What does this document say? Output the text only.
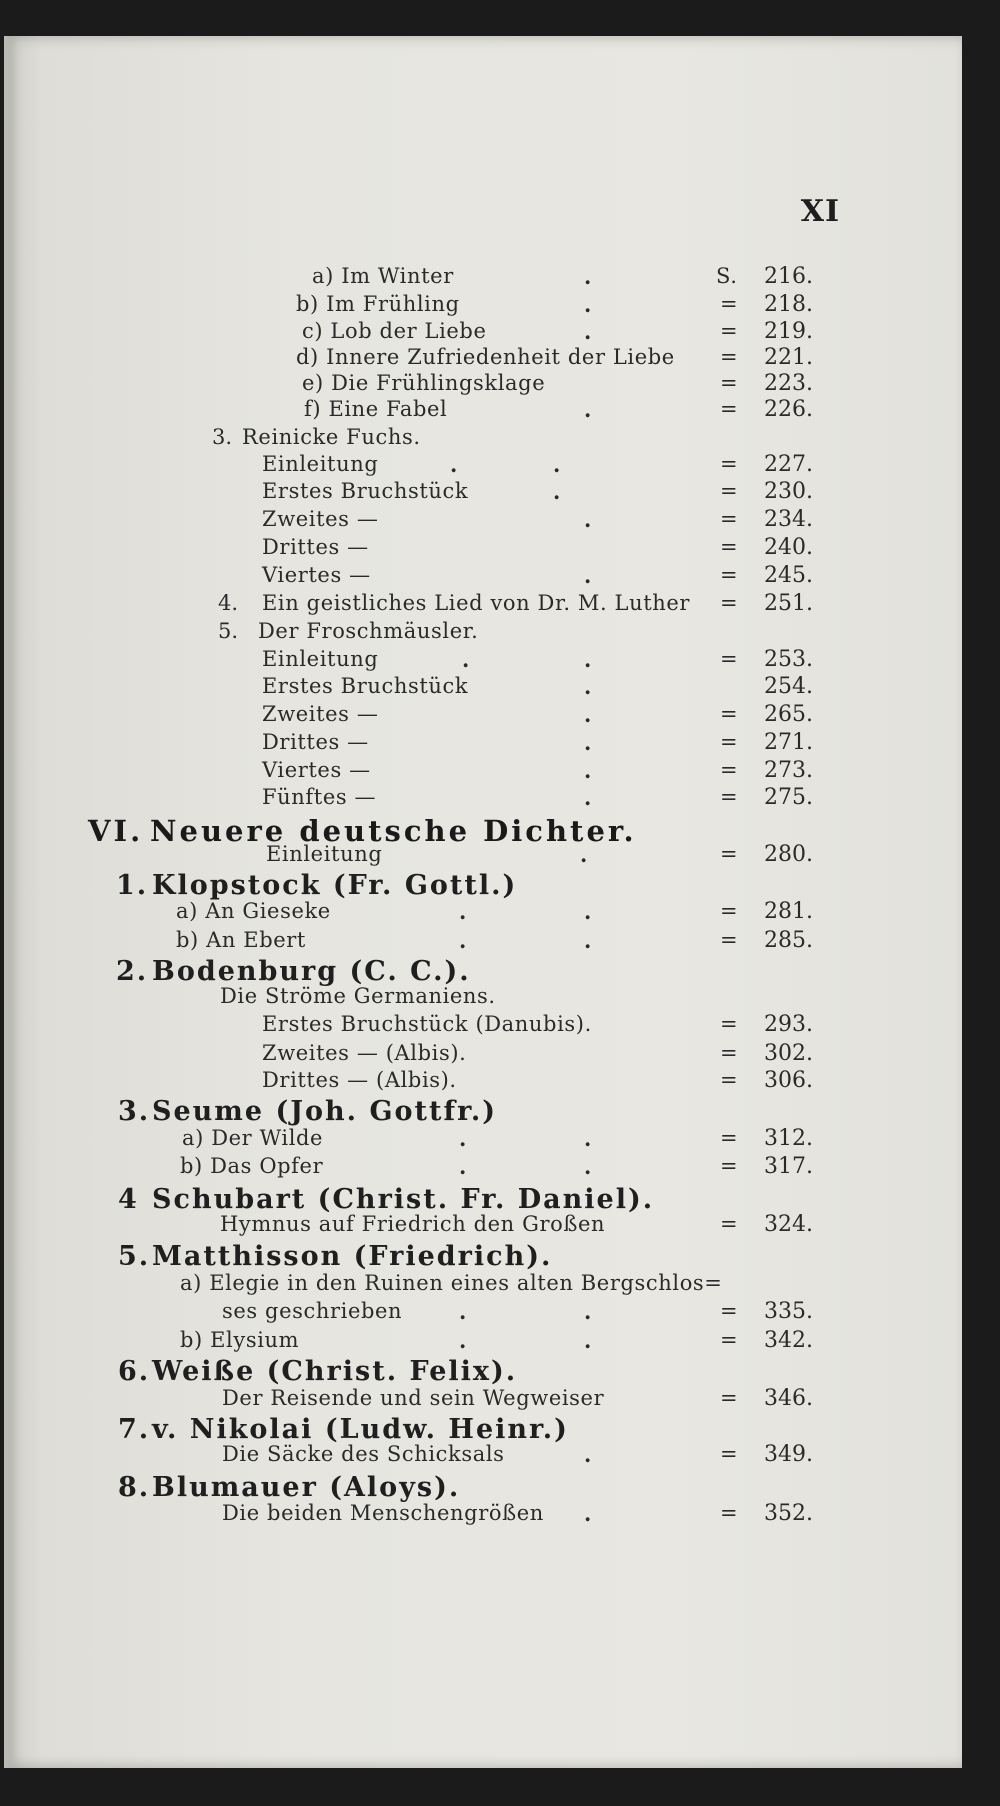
XI
a) Im Winter	.	S. 216.
b) Im Frühling	.	= 218.
c) Lob der Liebe	.	= 219.
d) Innere Zufriedenheit der Liebe = 221.
e) Die Frühlingsklage	= 223.
f) Eine Fabel	.	= 226.
3. Reinicke Fuchs.
Einleitung	.	.	= 227.
Erstes Bruchstück	.	= 230.
Zweites —	.	= 234.
Drittes —	= 240.
Viertes —	.	= 245.
4. Ein geistliches Lied von Dr. M. Luther = 251.
5. Der Froschmäusler.
Einleitung	.	.	= 253.
Erstes Bruchstück	.	254.
Zweites —	.	= 265.
Drittes —	.	= 271.
Viertes —	.	= 273.
Fünftes —	.	= 275.
VI. Neuere deutsche Dichter.
Einleitung	.	= 280.
1. Klopstock (Fr. Gottl.)
a) An Gieseke	.	.	= 281.
b) An Ebert	.	.	= 285.
2. Bodenburg (C. C.).
Die Ströme Germaniens.
Erstes Bruchstück (Danubis).	= 293.
Zweites — (Albis).	= 302.
Drittes — (Albis).	= 306.
3. Seume (Joh. Gottfr.)
a) Der Wilde	.	.	= 312.
b) Das Opfer	.	.	= 317.
4 Schubart (Christ. Fr. Daniel).
Hymnus auf Friedrich den Großen	= 324.
5. Matthisson (Friedrich).
a) Elegie in den Ruinen eines alten Bergschlos=
ses geschrieben	.	.	= 335.
b) Elysium	.	.	= 342.
6. Weiße (Christ. Felix).
Der Reisende und sein Wegweiser	= 346.
7. v. Nikolai (Ludw. Heinr.)
Die Säcke des Schicksals	.	= 349.
8. Blumauer (Aloys).
Die beiden Menschengrößen .	= 352.
